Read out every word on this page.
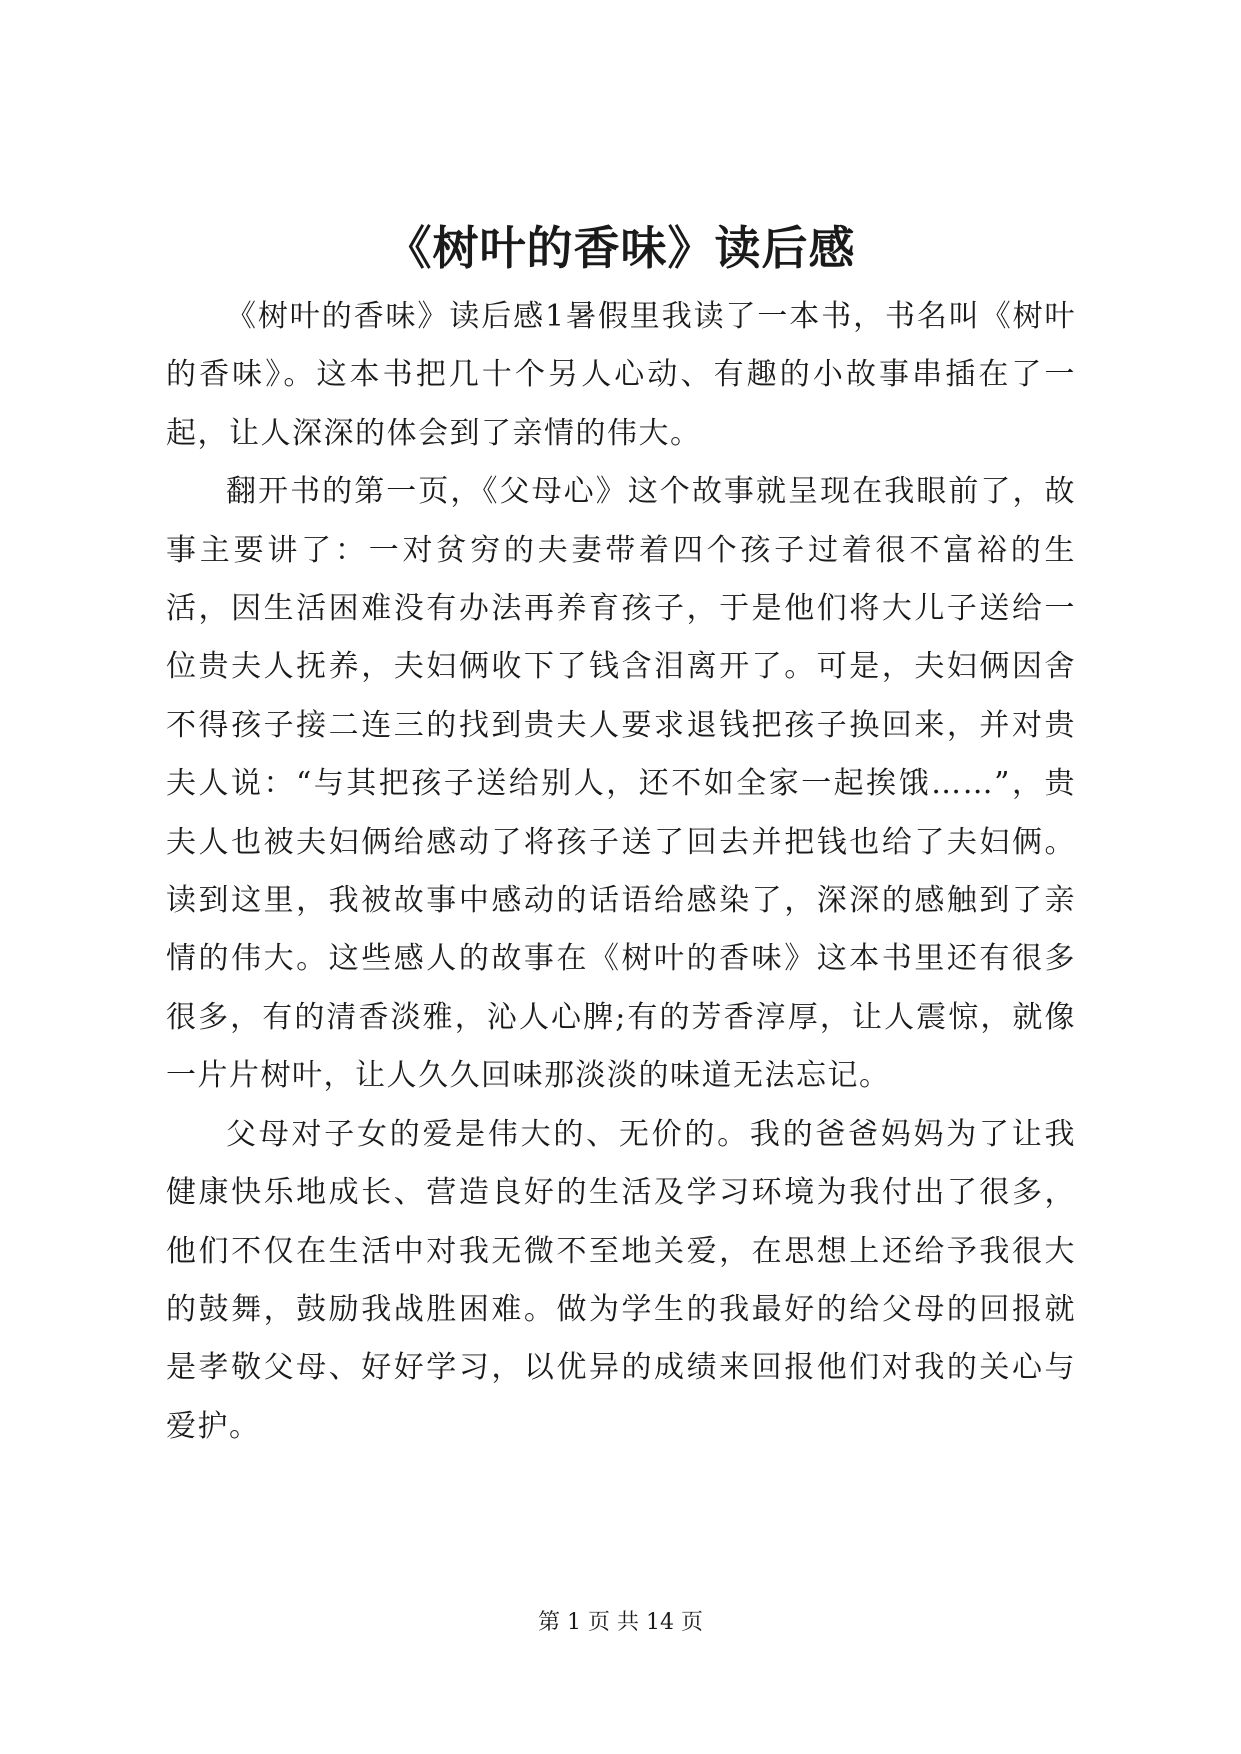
《树叶的香味》读后感

《树叶的香味》读后感1暑假里我读了一本书，书名叫《树叶的香味》。这本书把几十个另人心动、有趣的小故事串插在了一起，让人深深的体会到了亲情的伟大。

翻开书的第一页，《父母心》这个故事就呈现在我眼前了，故事主要讲了：一对贫穷的夫妻带着四个孩子过着很不富裕的生活，因生活困难没有办法再养育孩子，于是他们将大儿子送给一位贵夫人抚养，夫妇俩收下了钱含泪离开了。可是，夫妇俩因舍不得孩子接二连三的找到贵夫人要求退钱把孩子换回来，并对贵夫人说：“与其把孩子送给别人，还不如全家一起挨饿……”，贵夫人也被夫妇俩给感动了将孩子送了回去并把钱也给了夫妇俩。读到这里，我被故事中感动的话语给感染了，深深的感触到了亲情的伟大。这些感人的故事在《树叶的香味》这本书里还有很多很多，有的清香淡雅，沁人心脾;有的芳香淳厚，让人震惊，就像一片片树叶，让人久久回味那淡淡的味道无法忘记。

父母对子女的爱是伟大的、无价的。我的爸爸妈妈为了让我健康快乐地成长、营造良好的生活及学习环境为我付出了很多，他们不仅在生活中对我无微不至地关爱，在思想上还给予我很大的鼓舞，鼓励我战胜困难。做为学生的我最好的给父母的回报就是孝敬父母、好好学习，以优异的成绩来回报他们对我的关心与爱护。

第 1 页 共 14 页
